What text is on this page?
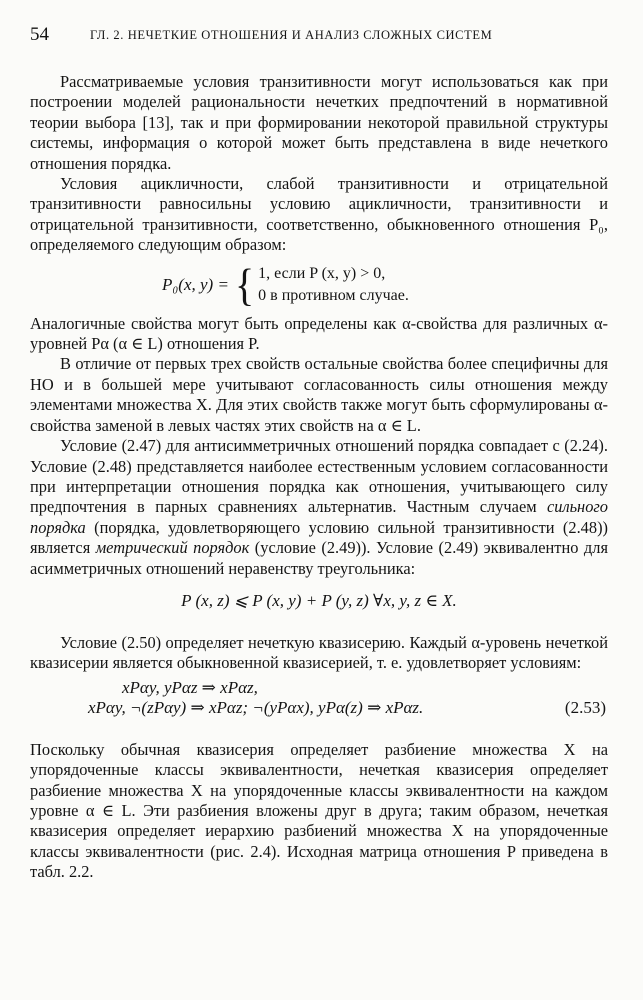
54	ГЛ. 2. НЕЧЕТКИЕ ОТНОШЕНИЯ И АНАЛИЗ СЛОЖНЫХ СИСТЕМ

Рассматриваемые условия транзитивности могут использоваться как при построении моделей рациональности нечетких предпочтений в нормативной теории выбора [13], так и при формировании некоторой правильной структуры системы, информация о которой может быть представлена в виде нечеткого отношения порядка.

Условия ацикличности, слабой транзитивности и отрицательной транзитивности равносильны условию ацикличности, транзитивности и отрицательной транзитивности, соответственно, обыкновенного отношения P₀, определяемого следующим образом:

P₀(x, y) = { 1, если P (x, y) > 0,
0 в противном случае.

Аналогичные свойства могут быть определены как α-свойства для различных α-уровней Pα (α ∈ L) отношения P.

В отличие от первых трех свойств остальные свойства более специфичны для НО и в большей мере учитывают согласованность силы отношения между элементами множества X. Для этих свойств также могут быть сформулированы α-свойства заменой в левых частях этих свойств на α ∈ L.

Условие (2.47) для антисимметричных отношений порядка совпадает с (2.24). Условие (2.48) представляется наиболее естественным условием согласованности при интерпретации отношения порядка как отношения, учитывающего силу предпочтения в парных сравнениях альтернатив. Частным случаем сильного порядка (порядка, удовлетворяющего условию сильной транзитивности (2.48)) является метрический порядок (условие (2.49)). Условие (2.49) эквивалентно для асимметричных отношений неравенству треугольника:

P (x, z) ⩽ P (x, y) + P (y, z) ∀x, y, z ∈ X.

Условие (2.50) определяет нечеткую квазисерию. Каждый α-уровень нечеткой квазисерии является обыкновенной квазисерией, т. е. удовлетворяет условиям:

xPαy, yPαz ⇒ xPαz,
xPαy, ¬(zPαy) ⇒ xPαz; ¬(yPαx), yPα(z) ⇒ xPαz.	(2.53)

Поскольку обычная квазисерия определяет разбиение множества X на упорядоченные классы эквивалентности, нечеткая квазисерия определяет разбиение множества X на упорядоченные классы эквивалентности на каждом уровне α ∈ L. Эти разбиения вложены друг в друга; таким образом, нечеткая квазисерия определяет иерархию разбиений множества X на упорядоченные классы эквивалентности (рис. 2.4). Исходная матрица отношения P приведена в табл. 2.2.
